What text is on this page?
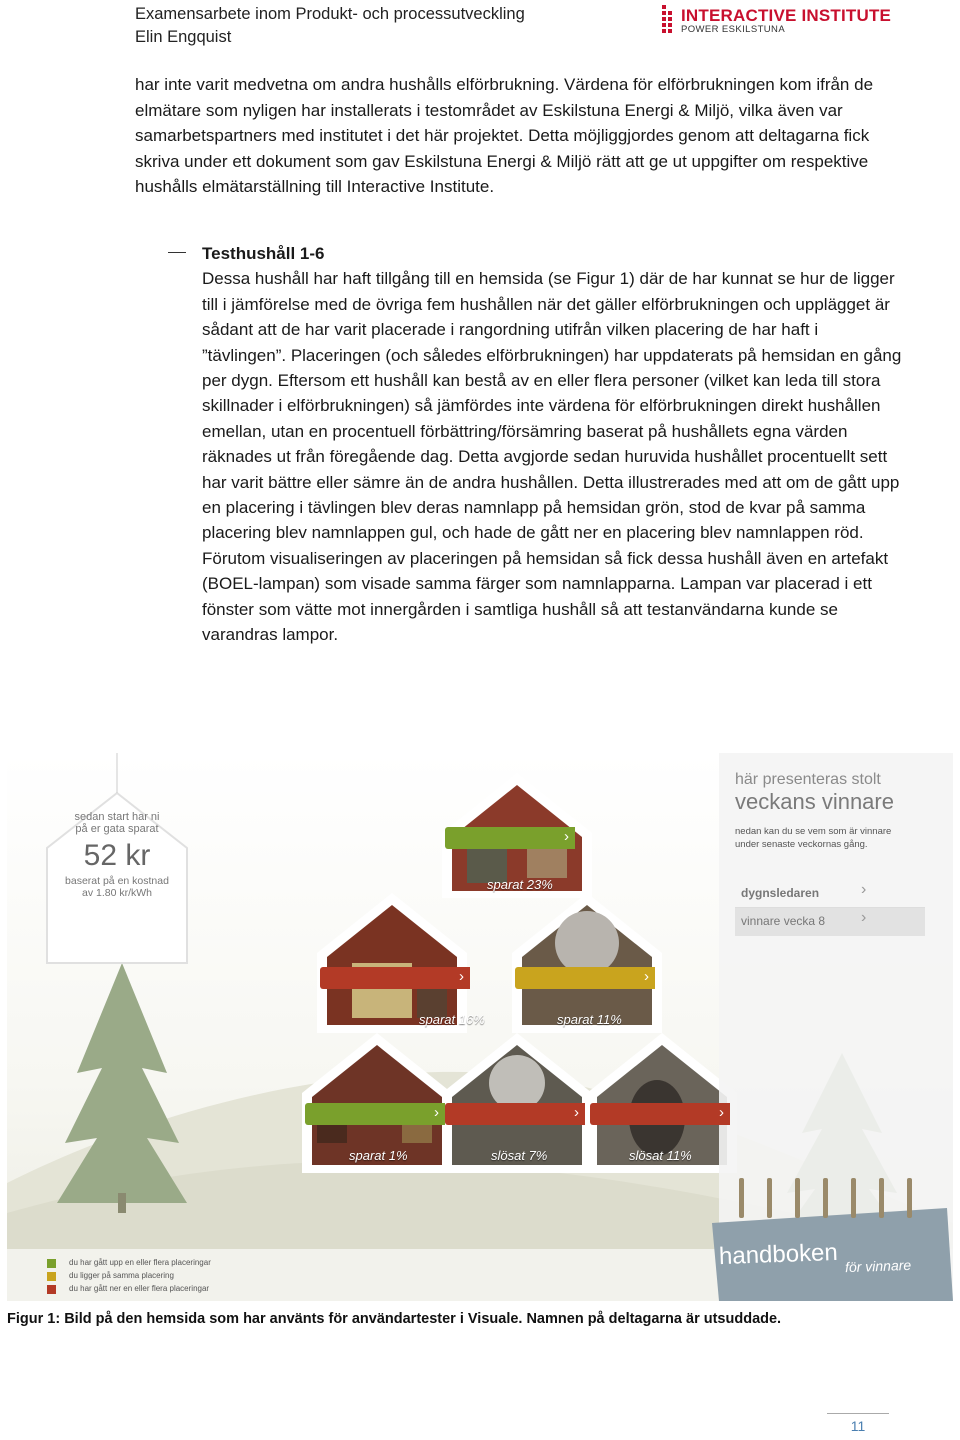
Examensarbete inom Produkt- och processutveckling
Elin Engquist
INTERACTIVE INSTITUTE
POWER ESKILSTUNA
har inte varit medvetna om andra hushålls elförbrukning. Värdena för elförbrukningen kom ifrån de elmätare som nyligen har installerats i testområdet av Eskilstuna Energi & Miljö, vilka även var samarbetspartners med institutet i det här projektet. Detta möjliggjordes genom att deltagarna fick skriva under ett dokument som gav Eskilstuna Energi & Miljö rätt att ge ut uppgifter om respektive hushålls elmätarställning till Interactive Institute.
Testhushåll 1-6
Dessa hushåll har haft tillgång till en hemsida (se Figur 1) där de har kunnat se hur de ligger till i jämförelse med de övriga fem hushållen när det gäller elförbrukningen och upplägget är sådant att de har varit placerade i rangordning utifrån vilken placering de har haft i ”tävlingen”. Placeringen (och således elförbrukningen) har uppdaterats på hemsidan en gång per dygn. Eftersom ett hushåll kan bestå av en eller flera personer (vilket kan leda till stora skillnader i elförbrukningen) så jämfördes inte värdena för elförbrukningen direkt hushållen emellan, utan en procentuell förbättring/försämring baserat på hushållets egna värden räknades ut från föregående dag. Detta avgjorde sedan huruvida hushållet procentuellt sett har varit bättre eller sämre än de andra hushållen. Detta illustrerades med att om de gått upp en placering i tävlingen blev deras namnlapp på hemsidan grön, stod de kvar på samma placering blev namnlappen gul, och hade de gått ner en placering blev namnlappen röd. Förutom visualiseringen av placeringen på hemsidan så fick dessa hushåll även en artefakt (BOEL-lampan) som visade samma färger som namnlapparna. Lampan var placerad i ett fönster som vätte mot innergården i samtliga hushåll så att testanvändarna kunde se varandras lampor.
sedan start har ni
på er gata sparat
52 kr
baserat på en kostnad
av 1.80 kr/kWh
här presenteras stolt
veckans vinnare
nedan kan du se vem som är vinnare
under senaste veckornas gång.
dygnsledaren	›
vinnare vecka 8 ›
›
sparat 23%
›
sparat 16%
›
sparat 11%
›
sparat 1%
›
slösat 7%
›
slösat 11%
du har gått upp en eller flera placeringar
du ligger på samma placering
du har gått ner en eller flera placeringar
handboken för vinnare
Figur 1: Bild på den hemsida som har använts för användartester i Visuale. Namnen på deltagarna är utsuddade.
11
